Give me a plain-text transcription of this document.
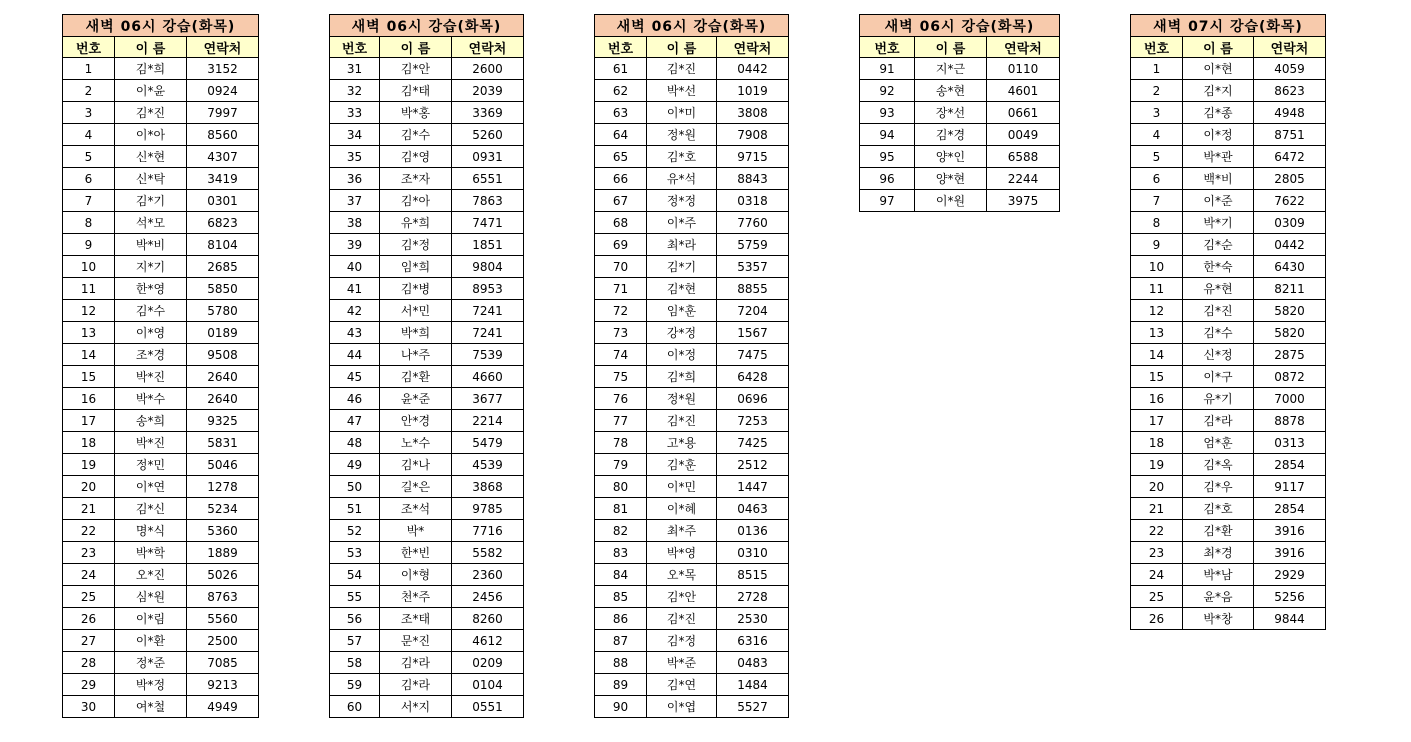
새벽 06시 강습(화목)		
번호	이 름	연락처
1	김*희	3152
2	이*윤	0924
3	김*진	7997
4	이*아	8560
5	신*현	4307
6	신*탁	3419
7	김*기	0301
8	석*모	6823
9	박*비	8104
10	지*기	2685
11	한*영	5850
12	김*수	5780
13	이*영	0189
14	조*경	9508
15	박*진	2640
16	박*수	2640
17	송*희	9325
18	박*진	5831
19	정*민	5046
20	이*연	1278
21	김*신	5234
22	명*식	5360
23	박*학	1889
24	오*진	5026
25	심*원	8763
26	이*림	5560
27	이*환	2500
28	정*준	7085
29	박*정	9213
30	여*철	4949
새벽 06시 강습(화목)		
번호	이 름	연락처
31	김*안	2600
32	김*태	2039
33	박*홍	3369
34	김*수	5260
35	김*영	0931
36	조*자	6551
37	김*아	7863
38	유*희	7471
39	김*정	1851
40	임*희	9804
41	김*병	8953
42	서*민	7241
43	박*희	7241
44	나*주	7539
45	김*환	4660
46	윤*준	3677
47	안*경	2214
48	노*수	5479
49	김*나	4539
50	길*은	3868
51	조*석	9785
52	박*	7716
53	한*빈	5582
54	이*형	2360
55	천*주	2456
56	조*태	8260
57	문*진	4612
58	김*라	0209
59	김*라	0104
60	서*지	0551
새벽 06시 강습(화목)		
번호	이 름	연락처
61	김*진	0442
62	박*선	1019
63	이*미	3808
64	정*원	7908
65	김*호	9715
66	유*석	8843
67	정*정	0318
68	이*주	7760
69	최*라	5759
70	김*기	5357
71	김*현	8855
72	임*훈	7204
73	강*정	1567
74	이*정	7475
75	김*희	6428
76	정*원	0696
77	김*진	7253
78	고*용	7425
79	김*훈	2512
80	이*민	1447
81	이*혜	0463
82	최*주	0136
83	박*영	0310
84	오*목	8515
85	김*안	2728
86	김*진	2530
87	김*정	6316
88	박*준	0483
89	김*연	1484
90	이*엽	5527
새벽 06시 강습(화목)		
번호	이 름	연락처
91	지*근	0110
92	송*현	4601
93	장*선	0661
94	김*경	0049
95	양*인	6588
96	양*현	2244
97	이*원	3975
새벽 07시 강습(화목)		
번호	이 름	연락처
1	이*현	4059
2	김*지	8623
3	김*종	4948
4	이*정	8751
5	박*관	6472
6	백*비	2805
7	이*준	7622
8	박*기	0309
9	김*순	0442
10	한*숙	6430
11	유*현	8211
12	김*진	5820
13	김*수	5820
14	신*정	2875
15	이*구	0872
16	유*기	7000
17	김*라	8878
18	엄*훈	0313
19	김*옥	2854
20	김*우	9117
21	김*호	2854
22	김*환	3916
23	최*경	3916
24	박*남	2929
25	윤*음	5256
26	박*창	9844
